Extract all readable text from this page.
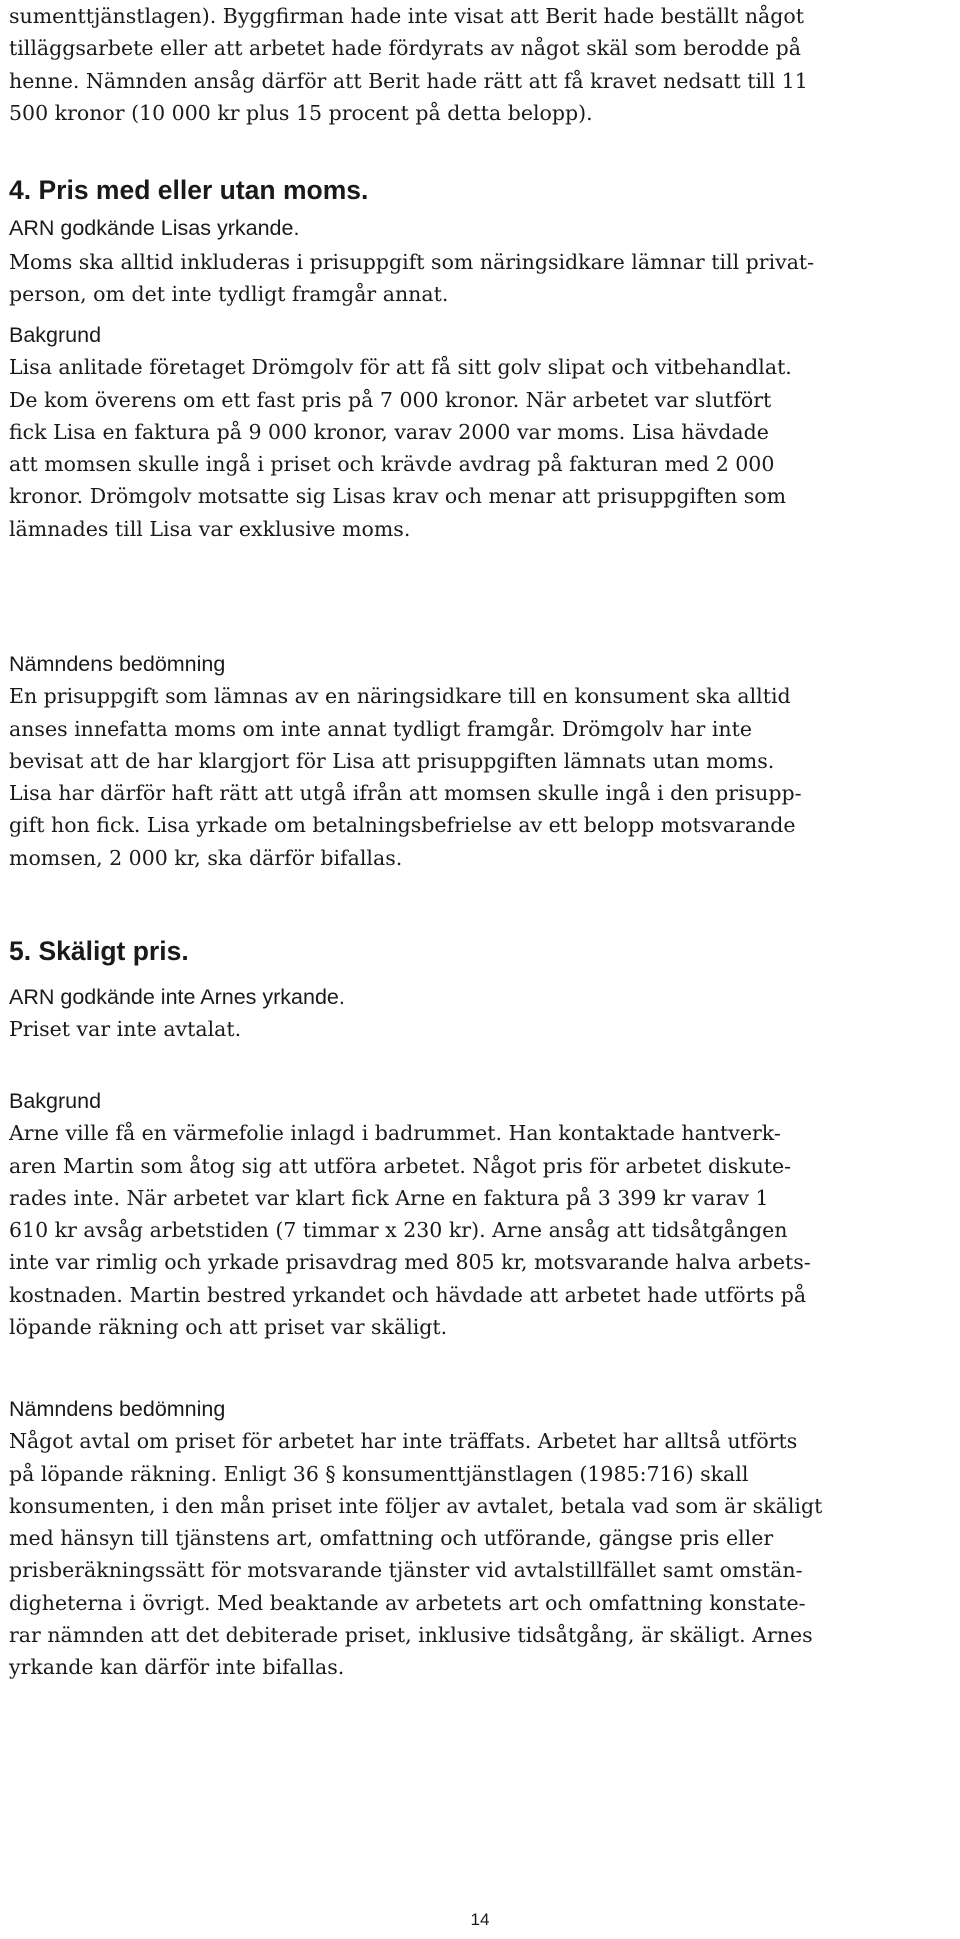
sumenttjänstlagen). Byggfirman hade inte visat att Berit hade beställt något
tilläggsarbete eller att arbetet hade fördyrats av något skäl som berodde på
henne. Nämnden ansåg därför att Berit hade rätt att få kravet nedsatt till 11
500 kronor (10 000 kr plus 15 procent på detta belopp).
4. Pris med eller utan moms.
ARN godkände Lisas yrkande.
Moms ska alltid inkluderas i prisuppgift som näringsidkare lämnar till privat-
person, om det inte tydligt framgår annat.
Bakgrund
Lisa anlitade företaget Drömgolv för att få sitt golv slipat och vitbehandlat.
De kom överens om ett fast pris på 7 000 kronor. När arbetet var slutfört
fick Lisa en faktura på 9 000 kronor, varav 2000 var moms. Lisa hävdade
att momsen skulle ingå i priset och krävde avdrag på fakturan med 2 000
kronor. Drömgolv motsatte sig Lisas krav och menar att prisuppgiften som
lämnades till Lisa var exklusive moms.
Nämndens bedömning
En prisuppgift som lämnas av en näringsidkare till en konsument ska alltid
anses innefatta moms om inte annat tydligt framgår. Drömgolv har inte
bevisat att de har klargjort för Lisa att prisuppgiften lämnats utan moms.
Lisa har därför haft rätt att utgå ifrån att momsen skulle ingå i den prisupp-
gift hon fick. Lisa yrkade om betalningsbefrielse av ett belopp motsvarande
momsen, 2 000 kr, ska därför bifallas.
5. Skäligt pris.
ARN godkände inte Arnes yrkande.
Priset var inte avtalat.
Bakgrund
Arne ville få en värmefolie inlagd i badrummet. Han kontaktade hantverk-
aren Martin som åtog sig att utföra arbetet. Något pris för arbetet diskute-
rades inte. När arbetet var klart fick Arne en faktura på 3 399 kr varav 1
610 kr avsåg arbetstiden (7 timmar x 230 kr). Arne ansåg att tidsåtgången
inte var rimlig och yrkade prisavdrag med 805 kr, motsvarande halva arbets-
kostnaden. Martin bestred yrkandet och hävdade att arbetet hade utförts på
löpande räkning och att priset var skäligt.
Nämndens bedömning
Något avtal om priset för arbetet har inte träffats. Arbetet har alltså utförts
på löpande räkning. Enligt 36 § konsumenttjänstlagen (1985:716) skall
konsumenten, i den mån priset inte följer av avtalet, betala vad som är skäligt
med hänsyn till tjänstens art, omfattning och utförande, gängse pris eller
prisberäkningssätt för motsvarande tjänster vid avtalstillfället samt omstän-
digheterna i övrigt. Med beaktande av arbetets art och omfattning konstate-
rar nämnden att det debiterade priset, inklusive tidsåtgång, är skäligt. Arnes
yrkande kan därför inte bifallas.
14
